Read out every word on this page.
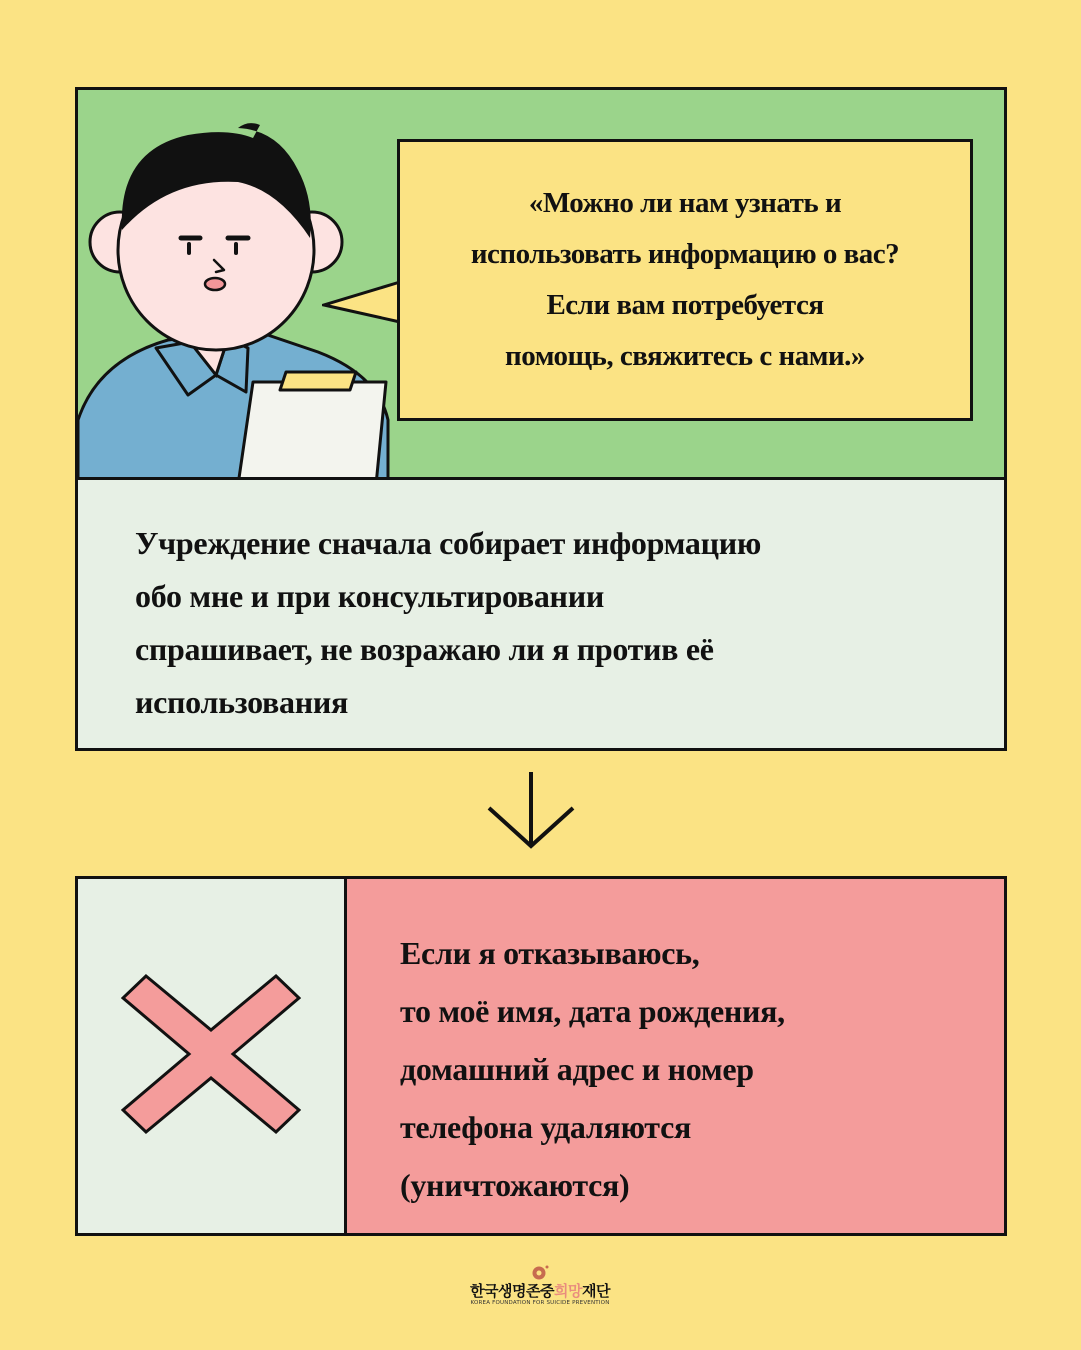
«Можно ли нам узнать и
использовать информацию о вас?
Если вам потребуется
помощь, свяжитесь с нами.»
Учреждение сначала собирает информацию
обо мне и при консультировании
спрашивает, не возражаю ли я против её
использования
Если я отказываюсь,
то моё имя, дата рождения,
домашний адрес и номер
телефона удаляются
(уничтожаются)
한국생명존중희망재단
KOREA FOUNDATION FOR SUICIDE PREVENTION
